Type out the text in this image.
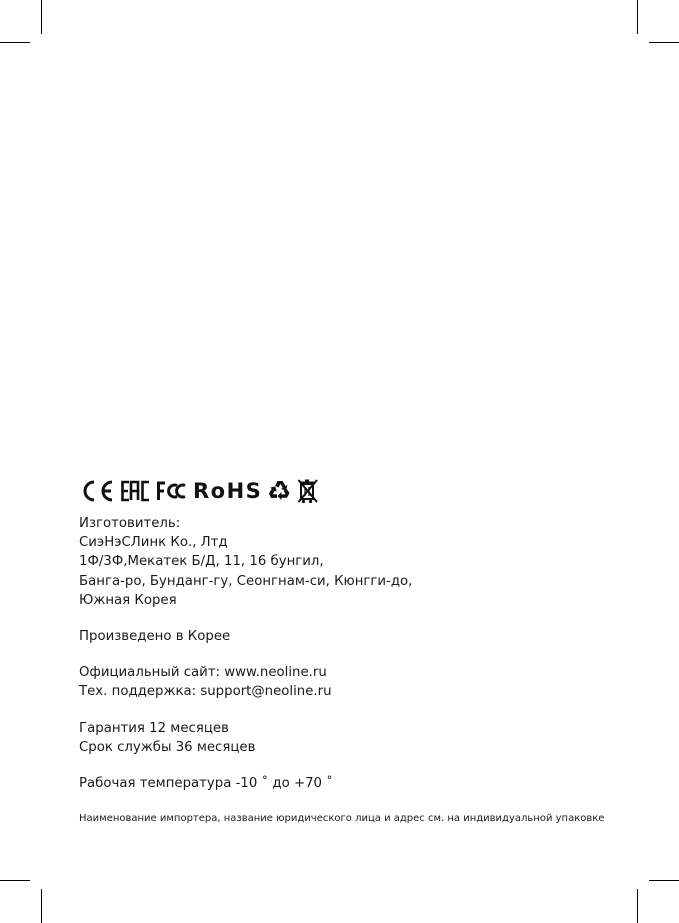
RoHS
Изготовитель:
СиэНэСЛинк Ко., Лтд
1Ф/3Ф,Мекатек Б/Д, 11, 16 бунгил,
Банга-ро, Бунданг-гу, Сеонгнам-си, Кюнгги-до,
Южная Корея
Произведено в Корее
Официальный сайт: www.neoline.ru
Тех. поддержка: support@neoline.ru
Гарантия 12 месяцев
Срок службы 36 месяцев
Рабочая температура -10 ˚ до +70 ˚
Наименование импортера, название юридического лица и адрес см. на индивидуальной упаковке
